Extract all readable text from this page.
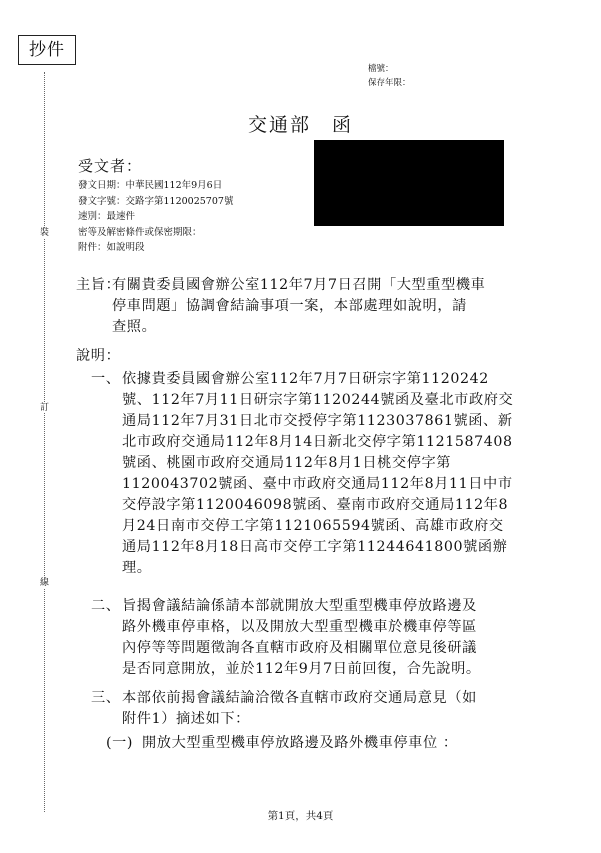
抄件
裝
訂
線
檔號：
保存年限：
交通部　函
受文者：
發文日期：中華民國112年9月6日
發文字號：交路字第1120025707號
速別：最速件
密等及解密條件或保密期限：
附件：如說明段
主旨：
有關貴委員國會辦公室112年7月7日召開「大型重型機車
停車問題」協調會結論事項一案，本部處理如說明，請
查照。
說明：
一、 依據貴委員國會辦公室112年7月7日研宗字第1120242
號、112年7月11日研宗字第1120244號函及臺北市政府交
通局112年7月31日北市交授停字第1123037861號函、新
北市政府交通局112年8月14日新北交停字第1121587408
號函、桃園市政府交通局112年8月1日桃交停字第
1120043702號函、臺中市政府交通局112年8月11日中市
交停設字第1120046098號函、臺南市政府交通局112年8
月24日南市交停工字第1121065594號函、高雄市政府交
通局112年8月18日高市交停工字第11244641800號函辦
理。
二、 旨揭會議結論係請本部就開放大型重型機車停放路邊及
路外機車停車格，以及開放大型重型機車於機車停等區
內停等等問題徵詢各直轄市政府及相關單位意見後研議
是否同意開放，並於112年9月7日前回復，合先說明。
三、 本部依前揭會議結論洽徵各直轄市政府交通局意見（如
附件1）摘述如下：
(一) 開放大型重型機車停放路邊及路外機車停車位 ：
第1頁，共4頁
